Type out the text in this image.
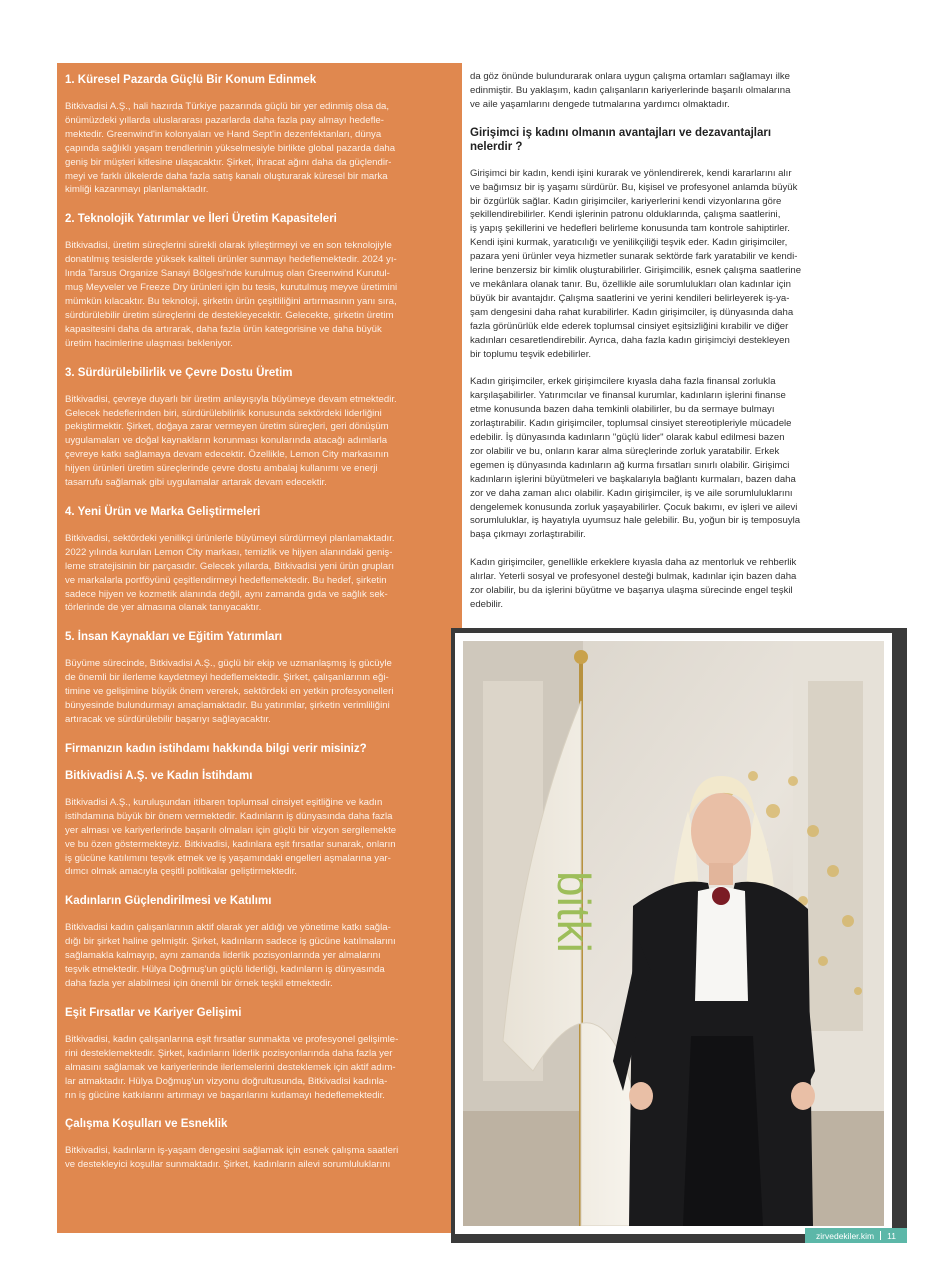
1. Küresel Pazarda Güçlü Bir Konum Edinmek

Bitkivadisi A.Ş., hali hazırda Türkiye pazarında güçlü bir yer edinmiş olsa da,
önümüzdeki yıllarda uluslararası pazarlarda daha fazla pay almayı hedefle-
mektedir. Greenwind'in kolonyaları ve Hand Sept'in dezenfektanları, dünya
çapında sağlıklı yaşam trendlerinin yükselmesiyle birlikte global pazarda daha
geniş bir müşteri kitlesine ulaşacaktır. Şirket, ihracat ağını daha da güçlendir-
meyi ve farklı ülkelerde daha fazla satış kanalı oluşturarak küresel bir marka
kimliği kazanmayı planlamaktadır.

2. Teknolojik Yatırımlar ve İleri Üretim Kapasiteleri

Bitkivadisi, üretim süreçlerini sürekli olarak iyileştirmeyi ve en son teknolojiyle
donatılmış tesislerde yüksek kaliteli ürünler sunmayı hedeflemektedir. 2024 yı-
lında Tarsus Organize Sanayi Bölgesi'nde kurulmuş olan Greenwind Kurutul-
muş Meyveler ve Freeze Dry ürünleri için bu tesis, kurutulmuş meyve üretimini
mümkün kılacaktır. Bu teknoloji, şirketin ürün çeşitliliğini artırmasının yanı sıra,
sürdürülebilir üretim süreçlerini de destekleyecektir. Gelecekte, şirketin üretim
kapasitesini daha da artırarak, daha fazla ürün kategorisine ve daha büyük
üretim hacimlerine ulaşması bekleniyor.

3. Sürdürülebilirlik ve Çevre Dostu Üretim

Bitkivadisi, çevreye duyarlı bir üretim anlayışıyla büyümeye devam etmektedir.
Gelecek hedeflerinden biri, sürdürülebilirlik konusunda sektördeki liderliğini
pekiştirmektir. Şirket, doğaya zarar vermeyen üretim süreçleri, geri dönüşüm
uygulamaları ve doğal kaynakların korunması konularında atacağı adımlarla
çevreye katkı sağlamaya devam edecektir. Özellikle, Lemon City markasının
hijyen ürünleri üretim süreçlerinde çevre dostu ambalaj kullanımı ve enerji
tasarrufu sağlamak gibi uygulamalar artarak devam edecektir.

4. Yeni Ürün ve Marka Geliştirmeleri

Bitkivadisi, sektördeki yenilikçi ürünlerle büyümeyi sürdürmeyi planlamaktadır.
2022 yılında kurulan Lemon City markası, temizlik ve hijyen alanındaki geniş-
leme stratejisinin bir parçasıdır. Gelecek yıllarda, Bitkivadisi yeni ürün grupları
ve markalarla portföyünü çeşitlendirmeyi hedeflemektedir. Bu hedef, şirketin
sadece hijyen ve kozmetik alanında değil, aynı zamanda gıda ve sağlık sek-
törlerinde de yer almasına olanak tanıyacaktır.

5. İnsan Kaynakları ve Eğitim Yatırımları

Büyüme sürecinde, Bitkivadisi A.Ş., güçlü bir ekip ve uzmanlaşmış iş gücüyle
de önemli bir ilerleme kaydetmeyi hedeflemektedir. Şirket, çalışanlarının eği-
timine ve gelişimine büyük önem vererek, sektördeki en yetkin profesyonelleri
bünyesinde bulundurmayı amaçlamaktadır. Bu yatırımlar, şirketin verimliliğini
artıracak ve sürdürülebilir başarıyı sağlayacaktır.

Firmanızın kadın istihdamı hakkında bilgi verir misiniz?
Bitkivadisi A.Ş. ve Kadın İstihdamı

Bitkivadisi A.Ş., kuruluşundan itibaren toplumsal cinsiyet eşitliğine ve kadın
istihdamına büyük bir önem vermektedir. Kadınların iş dünyasında daha fazla
yer alması ve kariyerlerinde başarılı olmaları için güçlü bir vizyon sergilemekte
ve bu özen göstermekteyiz. Bitkivadisi, kadınlara eşit fırsatlar sunarak, onların
iş gücüne katılımını teşvik etmek ve iş yaşamındaki engelleri aşmalarına yar-
dımcı olmak amacıyla çeşitli politikalar geliştirmektedir.

Kadınların Güçlendirilmesi ve Katılımı

Bitkivadisi kadın çalışanlarının aktif olarak yer aldığı ve yönetime katkı sağla-
dığı bir şirket haline gelmiştir. Şirket, kadınların sadece iş gücüne katılmalarını
sağlamakla kalmayıp, aynı zamanda liderlik pozisyonlarında yer almalarını
teşvik etmektedir. Hülya Doğmuş'un güçlü liderliği, kadınların iş dünyasında
daha fazla yer alabilmesi için önemli bir örnek teşkil etmektedir.

Eşit Fırsatlar ve Kariyer Gelişimi

Bitkivadisi, kadın çalışanlarına eşit fırsatlar sunmakta ve profesyonel gelişimle-
rini desteklemektedir. Şirket, kadınların liderlik pozisyonlarında daha fazla yer
almasını sağlamak ve kariyerlerinde ilerlemelerini desteklemek için aktif adım-
lar atmaktadır. Hülya Doğmuş'un vizyonu doğrultusunda, Bitkivadisi kadınla-
rın iş gücüne katkılarını artırmayı ve başarılarını kutlamayı hedeflemektedir.

Çalışma Koşulları ve Esneklik

Bitkivadisi, kadınların iş-yaşam dengesini sağlamak için esnek çalışma saatleri
ve destekleyici koşullar sunmaktadır. Şirket, kadınların ailevi sorumluluklarını

da göz önünde bulundurarak onlara uygun çalışma ortamları sağlamayı ilke
edinmiştir. Bu yaklaşım, kadın çalışanların kariyerlerinde başarılı olmalarına
ve aile yaşamlarını dengede tutmalarına yardımcı olmaktadır.

Girişimci iş kadını olmanın avantajları ve dezavantajları
nelerdir ?

Girişimci bir kadın, kendi işini kurarak ve yönlendirerek, kendi kararlarını alır
ve bağımsız bir iş yaşamı sürdürür. Bu, kişisel ve profesyonel anlamda büyük
bir özgürlük sağlar. Kadın girişimciler, kariyerlerini kendi vizyonlarına göre
şekillendirebilirler. Kendi işlerinin patronu olduklarında, çalışma saatlerini,
iş yapış şekillerini ve hedefleri belirleme konusunda tam kontrole sahiptirler.
Kendi işini kurmak, yaratıcılığı ve yenilikçiliği teşvik eder. Kadın girişimciler,
pazara yeni ürünler veya hizmetler sunarak sektörde fark yaratabilir ve kendi-
lerine benzersiz bir kimlik oluşturabilirler. Girişimcilik, esnek çalışma saatlerine
ve mekânlara olanak tanır. Bu, özellikle aile sorumlulukları olan kadınlar için
büyük bir avantajdır. Çalışma saatlerini ve yerini kendileri belirleyerek iş-ya-
şam dengesini daha rahat kurabilirler. Kadın girişimciler, iş dünyasında daha
fazla görünürlük elde ederek toplumsal cinsiyet eşitsizliğini kırabilir ve diğer
kadınları cesaretlendirebilir. Ayrıca, daha fazla kadın girişimciyi destekleyen
bir toplumu teşvik edebilirler.

Kadın girişimciler, erkek girişimcilere kıyasla daha fazla finansal zorlukla
karşılaşabilirler. Yatırımcılar ve finansal kurumlar, kadınların işlerini finanse
etme konusunda bazen daha temkinli olabilirler, bu da sermaye bulmayı
zorlaştırabilir. Kadın girişimciler, toplumsal cinsiyet stereotipleriyle mücadele
edebilir. İş dünyasında kadınların "güçlü lider" olarak kabul edilmesi bazen
zor olabilir ve bu, onların karar alma süreçlerinde zorluk yaratabilir. Erkek
egemen iş dünyasında kadınların ağ kurma fırsatları sınırlı olabilir. Girişimci
kadınların işlerini büyütmeleri ve başkalarıyla bağlantı kurmaları, bazen daha
zor ve daha zaman alıcı olabilir. Kadın girişimciler, iş ve aile sorumluluklarını
dengelemek konusunda zorluk yaşayabilirler. Çocuk bakımı, ev işleri ve ailevi
sorumluluklar, iş hayatıyla uyumsuz hale gelebilir. Bu, yoğun bir iş temposuyla
başa çıkmayı zorlaştırabilir.

Kadın girişimciler, genellikle erkeklere kıyasla daha az mentorluk ve rehberlik
alırlar. Yeterli sosyal ve profesyonel desteği bulmak, kadınlar için bazen daha
zor olabilir, bu da işlerini büyütme ve başarıya ulaşma sürecinde engel teşkil
edebilir.

bitki
zirvedekiler.kim 11
